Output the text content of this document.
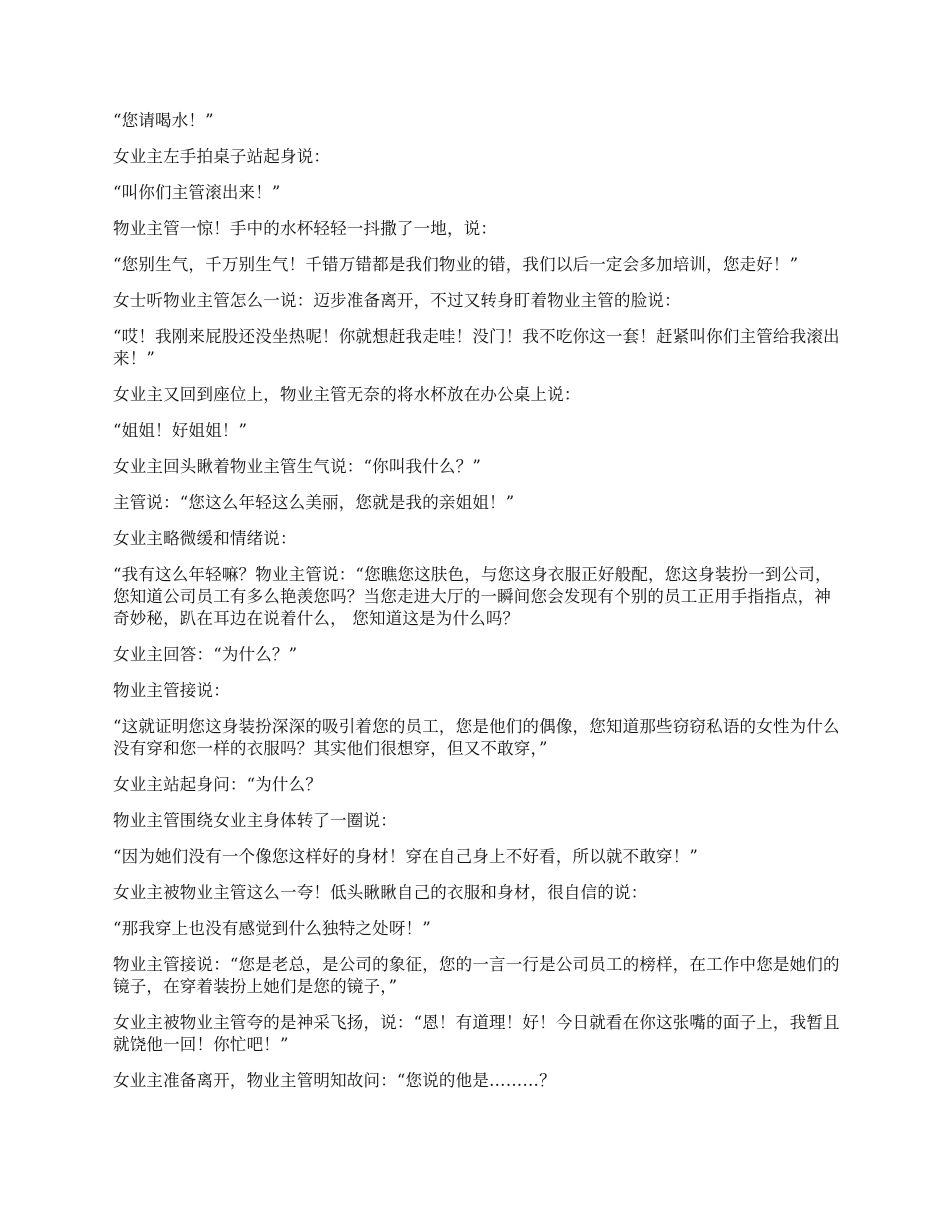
“您请喝水！”

女业主左手拍桌子站起身说：

“叫你们主管滚出来！”

物业主管一惊！手中的水杯轻轻一抖撒了一地，说：

“您别生气，千万别生气！千错万错都是我们物业的错，我们以后一定会多加培训，您走好！”

女士听物业主管怎么一说：迈步准备离开，不过又转身盯着物业主管的脸说：

“哎！我刚来屁股还没坐热呢！你就想赶我走哇！没门！我不吃你这一套！赶紧叫你们主管给我滚出来！”

女业主又回到座位上，物业主管无奈的将水杯放在办公桌上说：

“姐姐！好姐姐！”

女业主回头瞅着物业主管生气说：“你叫我什么？”

主管说：“您这么年轻这么美丽，您就是我的亲姐姐！”

女业主略微缓和情绪说：

“我有这么年轻嘛？物业主管说：“您瞧您这肤色，与您这身衣服正好般配，您这身装扮一到公司，您知道公司员工有多么艳羡您吗？当您走进大厅的一瞬间您会发现有个别的员工正用手指指点，神奇妙秘，趴在耳边在说着什么， 您知道这是为什么吗？

女业主回答：“为什么？”

物业主管接说：

“这就证明您这身装扮深深的吸引着您的员工，您是他们的偶像，您知道那些窃窃私语的女性为什么没有穿和您一样的衣服吗？其实他们很想穿，但又不敢穿，”

女业主站起身问：“为什么？

物业主管围绕女业主身体转了一圈说：

“因为她们没有一个像您这样好的身材！穿在自己身上不好看，所以就不敢穿！”

女业主被物业主管这么一夸！低头瞅瞅自己的衣服和身材，很自信的说：

“那我穿上也没有感觉到什么独特之处呀！”

物业主管接说：“您是老总，是公司的象征，您的一言一行是公司员工的榜样，在工作中您是她们的镜子，在穿着装扮上她们是您的镜子，”

女业主被物业主管夸的是神采飞扬，说：“恩！有道理！好！今日就看在你这张嘴的面子上，我暂且就饶他一回！你忙吧！”

女业主准备离开，物业主管明知故问：“您说的他是………？
